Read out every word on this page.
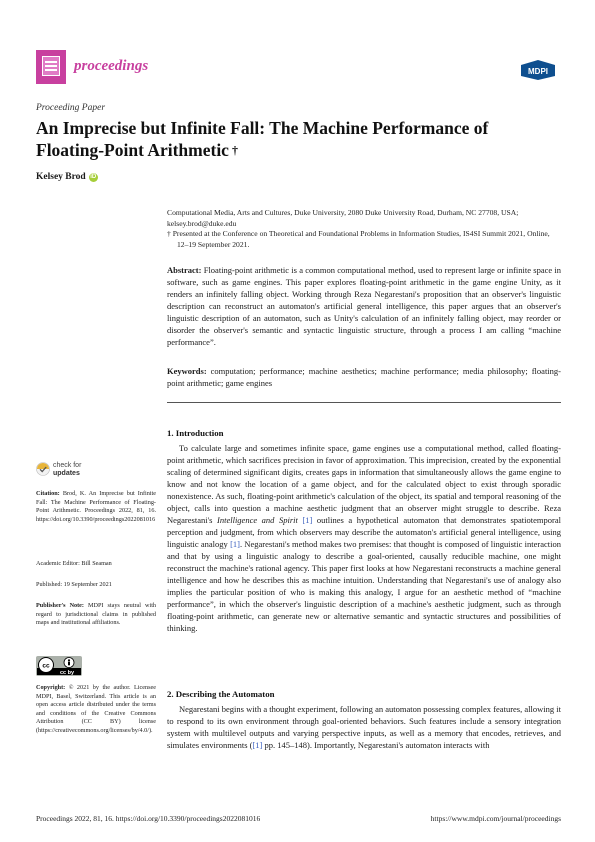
proceedings	MDPI
Proceeding Paper
An Imprecise but Infinite Fall: The Machine Performance of Floating-Point Arithmetic †
Kelsey Brod iD
Computational Media, Arts and Cultures, Duke University, 2080 Duke University Road, Durham, NC 27708, USA; kelsey.brod@duke.edu
† Presented at the Conference on Theoretical and Foundational Problems in Information Studies, IS4SI Summit 2021, Online, 12–19 September 2021.
Abstract: Floating-point arithmetic is a common computational method, used to represent large or infinite space in software, such as game engines. This paper explores floating-point arithmetic in the game engine Unity, as it renders an infinitely falling object. Working through Reza Negarestani's proposition that an observer's linguistic description can reconstruct an automaton's artificial general intelligence, this paper argues that an observer's linguistic description of an automaton, such as Unity's calculation of an infinitely falling object, may reorder or disorder the observer's semantic and syntactic linguistic structure, through a process I am calling “machine performance”.
Keywords: computation; performance; machine aesthetics; machine performance; media philosophy; floating-point arithmetic; game engines
1. Introduction
To calculate large and sometimes infinite space, game engines use a computational method, called floating-point arithmetic, which sacrifices precision in favor of approximation. This imprecision, created by the exponential scaling of determined significant digits, creates gaps in information that simultaneously allows the game engine to know and not know the location of a game object, and for the calculated object to exist through sporadic nonexistence. As such, floating-point arithmetic's calculation of the object, its spatial and temporal reasoning of the object, calls into question a machine aesthetic judgment that an observer might struggle to describe. Reza Negarestani's Intelligence and Spirit [1] outlines a hypothetical automaton that demonstrates spatiotemporal perception and judgment, from which observers may describe the automaton's artificial general intelligence, using linguistic analogy [1]. Negarestani's method makes two premises: that thought is composed of linguistic interaction and that by using a linguistic analogy to describe a goal-oriented, causally reducible machine, one might reconstruct the machine's rational agency. This paper first looks at how Negarestani reconstructs a machine general intelligence and how he describes this as machine intuition. Understanding that Negarestani's use of analogy also implies the particular position of who is making this analogy, I argue for an aesthetic method of “machine performance”, in which the observer's linguistic description of a machine's aesthetic judgment, such as through floating-point arithmetic, can generate new or alternative semantic and syntactic structures and possibilities of thinking.
2. Describing the Automaton
Negarestani begins with a thought experiment, following an automaton possessing complex features, allowing it to respond to its own environment through goal-oriented behaviors. Such features include a sensory integration system with multilevel outputs and varying perspective inputs, as well as a memory that encodes, retrieves, and simulates environments ([1] pp. 145–148). Importantly, Negarestani's automaton interacts with
check for
updates
Citation: Brod, K. An Imprecise but Infinite Fall: The Machine Performance of Floating-Point Arithmetic. Proceedings 2022, 81, 16. https://doi.org/10.3390/proceedings2022081016
Academic Editor: Bill Seaman
Published: 19 September 2021
Publisher's Note: MDPI stays neutral with regard to jurisdictional claims in published maps and institutional affiliations.
cc
cc by
Copyright: © 2021 by the author. Licensee MDPI, Basel, Switzerland. This article is an open access article distributed under the terms and conditions of the Creative Commons Attribution (CC BY) license (https://creativecommons.org/licenses/by/4.0/).
Proceedings 2022, 81, 16. https://doi.org/10.3390/proceedings2022081016	https://www.mdpi.com/journal/proceedings
